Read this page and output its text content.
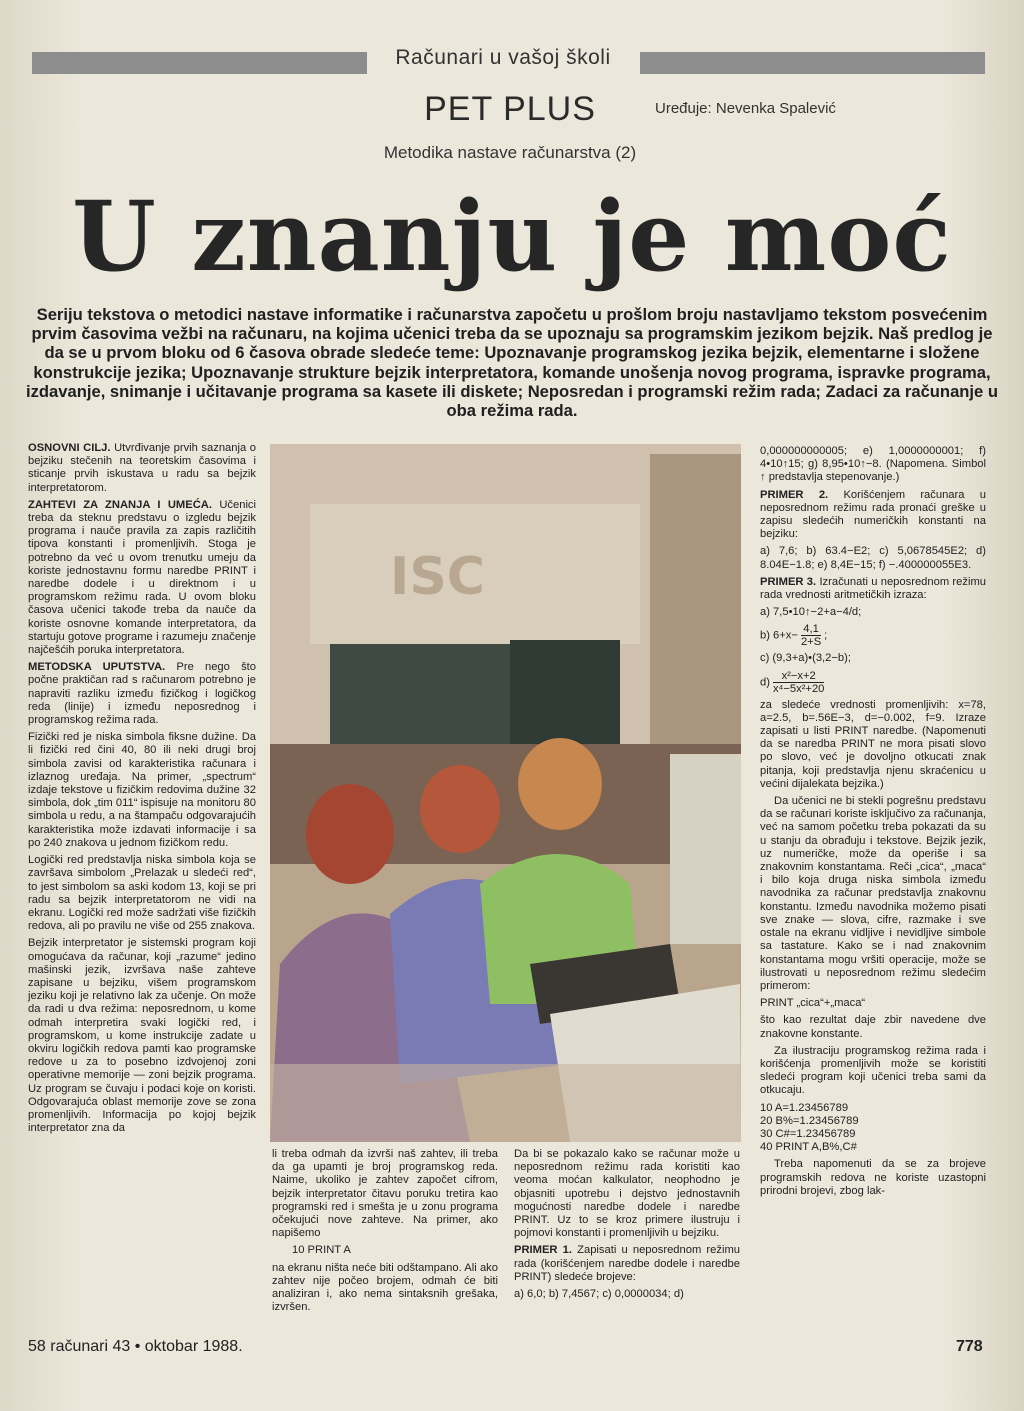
Računari u vašoj školi
PET PLUS	Uređuje: Nevenka Spalević
Metodika nastave računarstva (2)
U znanju je moć
Seriju tekstova o metodici nastave informatike i računarstva započetu u prošlom broju nastavljamo tekstom posvećenim prvim časovima vežbi na računaru, na kojima učenici treba da se upoznaju sa programskim jezikom bejzik. Naš predlog je da se u prvom bloku od 6 časova obrade sledeće teme: Upoznavanje programskog jezika bejzik, elementarne i složene konstrukcije jezika; Upoznavanje strukture bejzik interpretatora, komande unošenja novog programa, ispravke programa, izdavanje, snimanje i učitavanje programa sa kasete ili diskete; Neposredan i programski režim rada; Zadaci za računanje u oba režima rada.

OSNOVNI CILJ. Utvrđivanje prvih saznanja o bejziku stečenih na teoretskim časovima i sticanje prvih iskustava u radu sa bejzik interpretatorom.

ZAHTEVI ZA ZNANJA I UMEĆA. Učenici treba da steknu predstavu o izgledu bejzik programa i nauče pravila za zapis različitih tipova konstanti i promenljivih. Stoga je potrebno da već u ovom trenutku umeju da koriste jednostavnu formu naredbe PRINT i naredbe dodele i u direktnom i u programskom režimu rada. U ovom bloku časova učenici takođe treba da nauče da koriste osnovne komande interpretatora, da startuju gotove programe i razumeju značenje najčešćih poruka interpretatora.

METODSKA UPUTSTVA. Pre nego što počne praktičan rad s računarom potrebno je napraviti razliku između fizičkog i logičkog reda (linije) i između neposrednog i programskog režima rada.

Fizički red je niska simbola fiksne dužine. Da li fizički red čini 40, 80 ili neki drugi broj simbola zavisi od karakteristika računara i izlaznog uređaja. Na primer, „spectrum“ izdaje tekstove u fizičkim redovima dužine 32 simbola, dok „tim 011“ ispisuje na monitoru 80 simbola u redu, a na štampaču odgovarajućih karakteristika može izdavati informacije i sa po 240 znakova u jednom fizičkom redu.

Logički red predstavlja niska simbola koja se završava simbolom „Prelazak u sledeći red“, to jest simbolom sa aski kodom 13, koji se pri radu sa bejzik interpretatorom ne vidi na ekranu. Logički red može sadržati više fizičkih redova, ali po pravilu ne više od 255 znakova.

Bejzik interpretator je sistemski program koji omogućava da računar, koji „razume“ jedino mašinski jezik, izvršava naše zahteve zapisane u bejziku, višem programskom jeziku koji je relativno lak za učenje. On može da radi u dva režima: neposrednom, u kome odmah interpretira svaki logički red, i programskom, u kome instrukcije zadate u okviru logičkih redova pamti kao programske redove u za to posebno izdvojenoj zoni operativne memorije — zoni bejzik programa. Uz program se čuvaju i podaci koje on koristi. Odgovarajuća oblast memorije zove se zona promenljivih. Informacija po kojoj bejzik interpretator zna da

ISC

li treba odmah da izvrši naš zahtev, ili treba da ga upamti je broj programskog reda. Naime, ukoliko je zahtev započet cifrom, bejzik interpretator čitavu poruku tretira kao programski red i smešta je u zonu programa očekujući nove zahteve. Na primer, ako napišemo

10 PRINT A

na ekranu ništa neće biti odštampano. Ali ako zahtev nije počeo brojem, odmah će biti analiziran i, ako nema sintaksnih grešaka, izvršen.

Da bi se pokazalo kako se računar može u neposrednom režimu rada koristiti kao veoma moćan kalkulator, neophodno je objasniti upotrebu i dejstvo jednostavnih mogućnosti naredbe dodele i naredbe PRINT. Uz to se kroz primere ilustruju i pojmovi konstanti i promenljivih u bejziku.

PRIMER 1. Zapisati u neposrednom režimu rada (korišćenjem naredbe dodele i naredbe PRINT) sledeće brojeve:

a) 6,0; b) 7,4567; c) 0,0000034; d)

0,000000000005; e) 1,0000000001; f) 4•10↑15; g) 8,95•10↑−8. (Napomena. Simbol ↑ predstavlja stepenovanje.)

PRIMER 2. Korišćenjem računara u neposrednom režimu rada pronaći greške u zapisu sledećih numeričkih konstanti na bejziku:

a) 7,6; b) 63.4−E2; c) 5,0678545E2; d) 8.04E−1.8; e) 8,4E−15; f) −.400000055E3.

PRIMER 3. Izračunati u neposrednom režimu rada vrednosti aritmetičkih izraza:

a) 7,5•10↑−2+a−4/d;

b) $6+x- \frac{4,1}{2+S}$ ;

c) (9,3+a)•(3,2−b);

$d) \frac{\text{x²−x+2}}{\text{x⁴−5x²+20}}$

za sledeće vrednosti promenljivih: x=78, a=2.5, b=.56E−3, d=−0.002, f=9. Izraze zapisati u listi PRINT naredbe. (Napomenuti da se naredba PRINT ne mora pisati slovo po slovo, već je dovoljno otkucati znak pitanja, koji predstavlja njenu skraćenicu u većini dijalekata bejzika.)

Da učenici ne bi stekli pogrešnu predstavu da se računari koriste isključivo za računanja, već na samom početku treba pokazati da su u stanju da obrađuju i tekstove. Bejzik jezik, uz numeričke, može da operiše i sa znakovnim konstantama. Reči „cica“, „maca“ i bilo koja druga niska simbola između navodnika za računar predstavlja znakovnu konstantu. Između navodnika možemo pisati sve znake — slova, cifre, razmake i sve ostale na ekranu vidljive i nevidljive simbole sa tastature. Kako se i nad znakovnim konstantama mogu vršiti operacije, može se ilustrovati u neposrednom režimu sledećim primerom:

PRINT „cica“+„maca“

što kao rezultat daje zbir navedene dve znakovne konstante.

Za ilustraciju programskog režima rada i korišćenja promenljivih može se koristiti sledeći program koji učenici treba sami da otkucaju.

10 A=1.23456789

20 B%=1.23456789

30 C#=1.23456789

40 PRINT A,B%,C#

Treba napomenuti da se za brojeve programskih redova ne koriste uzastopni prirodni brojevi, zbog lak-

58 računari 43 • oktobar 1988.	778
